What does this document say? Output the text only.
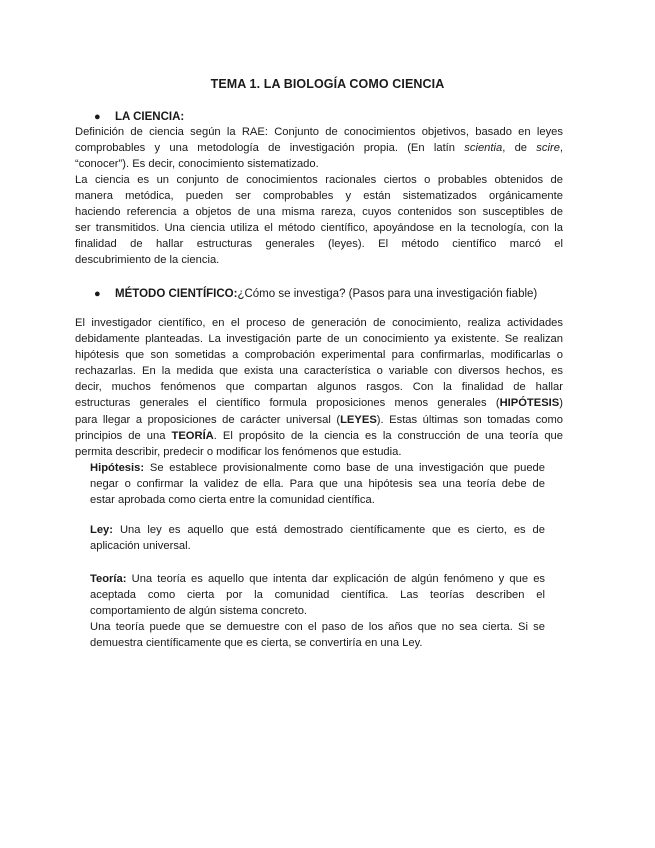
TEMA 1. LA BIOLOGÍA COMO CIENCIA
● LA CIENCIA:
Definición de ciencia según la RAE: Conjunto de conocimientos objetivos, basado en leyes
comprobables y una metodología de investigación propia. (En latín scientia, de scire,
“conocer”). Es decir, conocimiento sistematizado.
La ciencia es un conjunto de conocimientos racionales ciertos o probables obtenidos de
manera metódica, pueden ser comprobables y están sistematizados orgánicamente
haciendo referencia a objetos de una misma rareza, cuyos contenidos son susceptibles de
ser transmitidos. Una ciencia utiliza el método científico, apoyándose en la tecnología, con la
finalidad de hallar estructuras generales (leyes). El método científico marcó el
descubrimiento de la ciencia.
● MÉTODO CIENTÍFICO:¿Cómo se investiga? (Pasos para una investigación fiable)
El investigador científico, en el proceso de generación de conocimiento, realiza actividades
debidamente planteadas. La investigación parte de un conocimiento ya existente. Se realizan
hipótesis que son sometidas a comprobación experimental para confirmarlas, modificarlas o
rechazarlas. En la medida que exista una característica o variable con diversos hechos, es
decir, muchos fenómenos que compartan algunos rasgos. Con la finalidad de hallar
estructuras generales el científico formula proposiciones menos generales (HIPÓTESIS)
para llegar a proposiciones de carácter universal (LEYES). Estas últimas son tomadas como
principios de una TEORÍA. El propósito de la ciencia es la construcción de una teoría que
permita describir, predecir o modificar los fenómenos que estudia.
Hipótesis: Se establece provisionalmente como base de una investigación que puede
negar o confirmar la validez de ella. Para que una hipótesis sea una teoría debe de
estar aprobada como cierta entre la comunidad científica.
Ley: Una ley es aquello que está demostrado científicamente que es cierto, es de
aplicación universal.
Teoría: Una teoría es aquello que intenta dar explicación de algún fenómeno y que es
aceptada como cierta por la comunidad científica. Las teorías describen el
comportamiento de algún sistema concreto.
Una teoría puede que se demuestre con el paso de los años que no sea cierta. Si se
demuestra científicamente que es cierta, se convertiría en una Ley.
